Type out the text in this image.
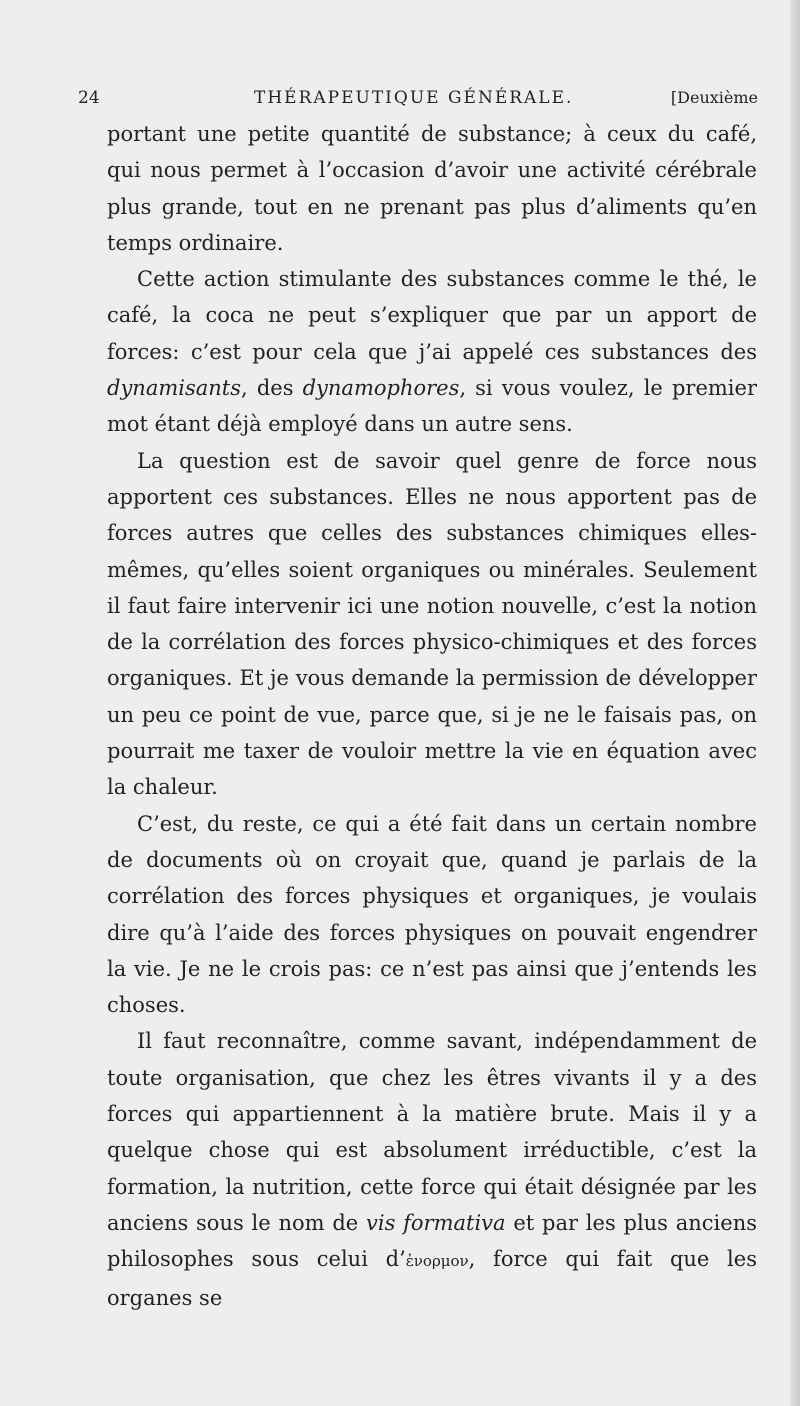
24	THÉRAPEUTIQUE GÉNÉRALE.	[Deuxième

portant une petite quantité de substance; à ceux du café, qui nous permet à l’occasion d’avoir une activité cérébrale plus grande, tout en ne prenant pas plus d’aliments qu’en temps ordinaire.

Cette action stimulante des substances comme le thé, le café, la coca ne peut s’expliquer que par un apport de forces: c’est pour cela que j’ai appelé ces substances des dynamisants, des dynamophores, si vous voulez, le premier mot étant déjà employé dans un autre sens.

La question est de savoir quel genre de force nous apportent ces substances. Elles ne nous apportent pas de forces autres que celles des substances chimiques elles-mêmes, qu’elles soient organiques ou minérales. Seulement il faut faire intervenir ici une notion nouvelle, c’est la notion de la corrélation des forces physico-chimiques et des forces organiques. Et je vous demande la permission de développer un peu ce point de vue, parce que, si je ne le faisais pas, on pourrait me taxer de vouloir mettre la vie en équation avec la chaleur.

C’est, du reste, ce qui a été fait dans un certain nombre de documents où on croyait que, quand je parlais de la corrélation des forces physiques et organiques, je voulais dire qu’à l’aide des forces physiques on pouvait engendrer la vie. Je ne le crois pas: ce n’est pas ainsi que j’entends les choses.

Il faut reconnaître, comme savant, indépendamment de toute organisation, que chez les êtres vivants il y a des forces qui appartiennent à la matière brute. Mais il y a quelque chose qui est absolument irréductible, c’est la formation, la nutrition, cette force qui était désignée par les anciens sous le nom de vis formativa et par les plus anciens philosophes sous celui d’ἐνορμον, force qui fait que les organes se
